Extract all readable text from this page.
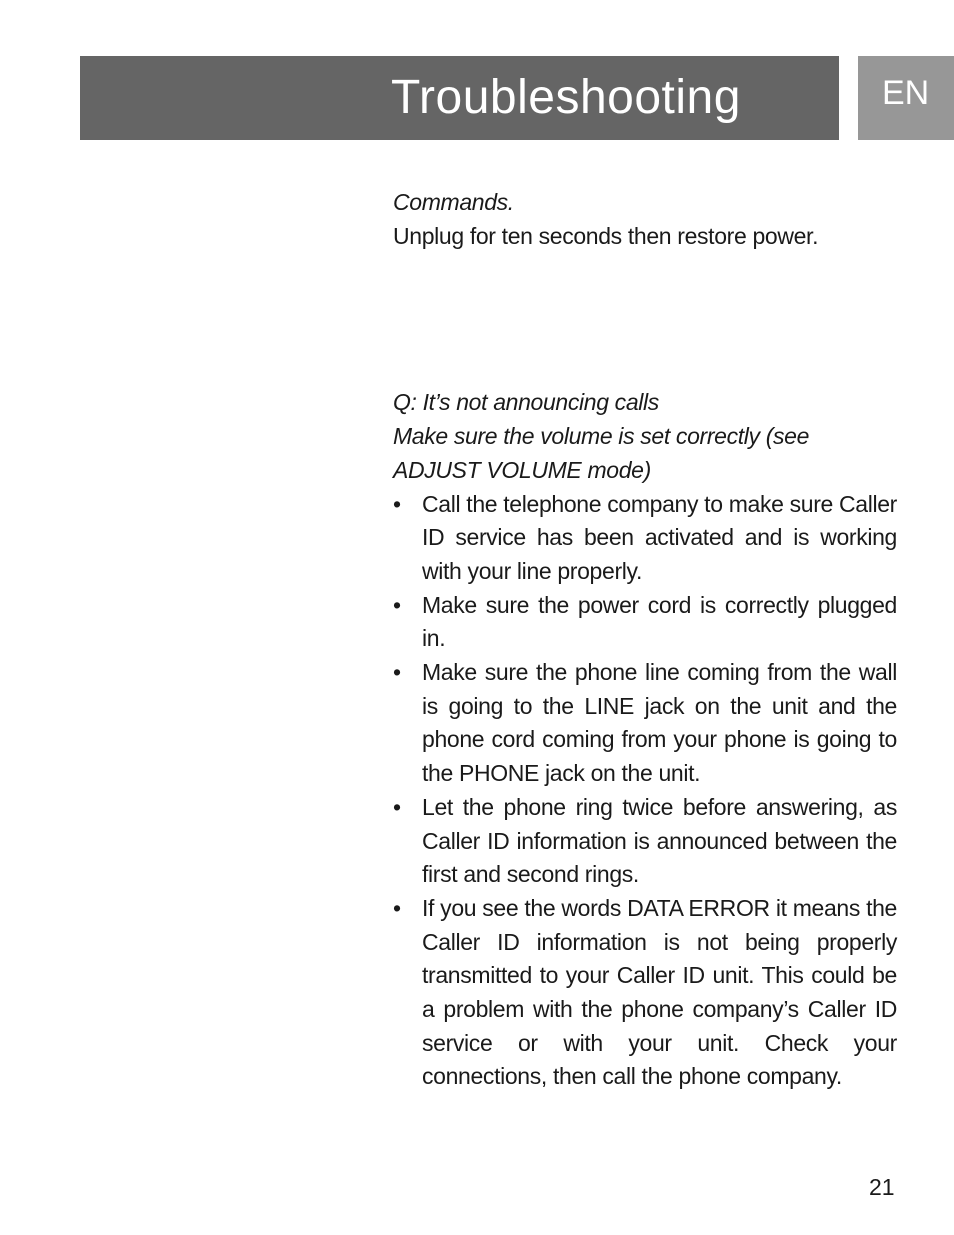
Troubleshooting	EN

Commands.

Unplug for ten seconds then restore power.

Q: It’s not announcing calls

Make sure the volume is set correctly (see ADJUST VOLUME mode)

• Call the telephone company to make sure Caller ID service has been activated and is working with your line properly.
• Make sure the power cord is correctly plugged in.
• Make sure the phone line coming from the wall is going to the LINE jack on the unit and the phone cord coming from your phone is going to the PHONE jack on the unit.
• Let the phone ring twice before answering, as Caller ID information is announced between the first and second rings.
• If you see the words DATA ERROR it means the Caller ID information is not being properly transmitted to your Caller ID unit. This could be a problem with the phone company’s Caller ID service or with your unit. Check your connections, then call the phone company.
21
